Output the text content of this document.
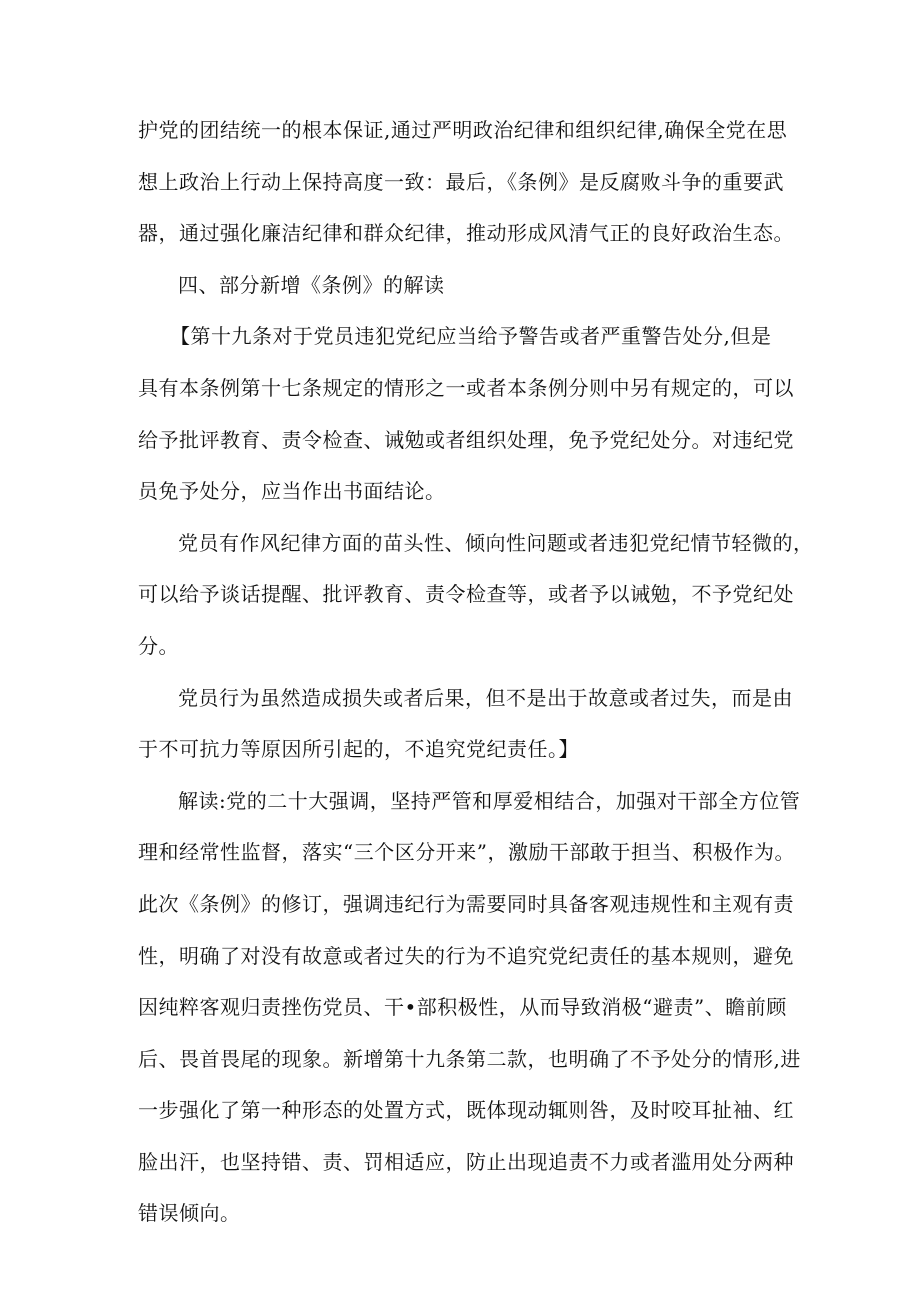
护党的团结统一的根本保证,通过严明政治纪律和组织纪律,确保全党在思
想上政治上行动上保持高度一致：最后，《条例》是反腐败斗争的重要武
器，通过强化廉洁纪律和群众纪律，推动形成风清气正的良好政治生态。
四、部分新增《条例》的解读
【第十九条对于党员违犯党纪应当给予警告或者严重警告处分,但是
具有本条例第十七条规定的情形之一或者本条例分则中另有规定的，可以
给予批评教育、责令检查、诫勉或者组织处理，免予党纪处分。对违纪党
员免予处分，应当作出书面结论。
党员有作风纪律方面的苗头性、倾向性问题或者违犯党纪情节轻微的，
可以给予谈话提醒、批评教育、责令检查等，或者予以诫勉，不予党纪处
分。
党员行为虽然造成损失或者后果，但不是出于故意或者过失，而是由
于不可抗力等原因所引起的，不追究党纪责任。】
解读:党的二十大强调，坚持严管和厚爱相结合，加强对干部全方位管
理和经常性监督，落实“三个区分开来”，激励干部敢于担当、积极作为。
此次《条例》的修订，强调违纪行为需要同时具备客观违规性和主观有责
性，明确了对没有故意或者过失的行为不追究党纪责任的基本规则，避免
因纯粹客观归责挫伤党员、干•部积极性，从而导致消极“避责”、瞻前顾
后、畏首畏尾的现象。新增第十九条第二款，也明确了不予处分的情形,进
一步强化了第一种形态的处置方式，既体现动辄则咎，及时咬耳扯袖、红
脸出汗，也坚持错、责、罚相适应，防止出现追责不力或者滥用处分两种
错误倾向。
